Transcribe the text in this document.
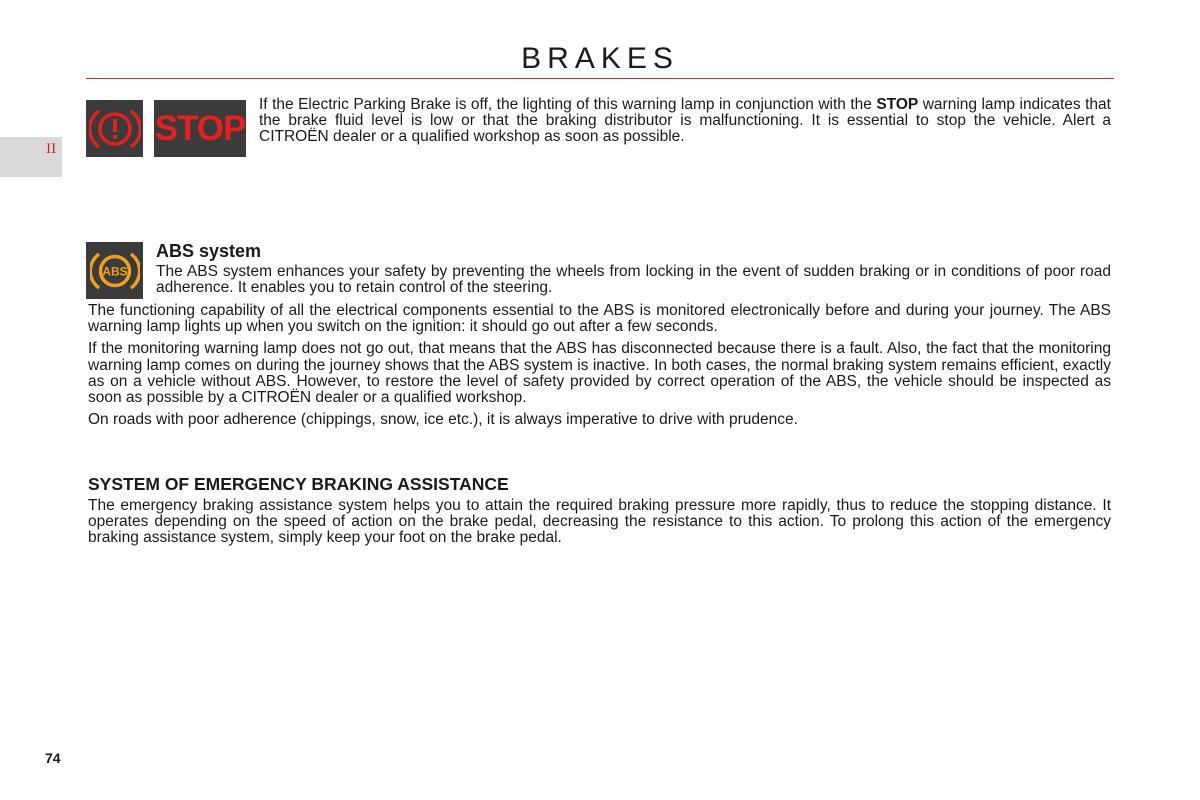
BRAKES
II
STOP

If the Electric Parking Brake is off, the lighting of this warning lamp in conjunction with the STOP warning lamp indicates that the brake fluid level is low or that the braking distributor is malfunctioning. It is essential to stop the vehicle. Alert a CITROËN dealer or a qualified workshop as soon as possible.

ABS
ABS system

The ABS system enhances your safety by preventing the wheels from locking in the event of sudden braking or in conditions of poor road adherence. It enables you to retain control of the steering.

The functioning capability of all the electrical components essential to the ABS is monitored electronically before and during your journey. The ABS warning lamp lights up when you switch on the ignition: it should go out after a few seconds.

If the monitoring warning lamp does not go out, that means that the ABS has disconnected because there is a fault. Also, the fact that the monitoring warning lamp comes on during the journey shows that the ABS system is inactive. In both cases, the normal braking system remains efficient, exactly as on a vehicle without ABS. However, to restore the level of safety provided by correct operation of the ABS, the vehicle should be inspected as soon as possible by a CITROËN dealer or a qualified workshop.

On roads with poor adherence (chippings, snow, ice etc.), it is always imperative to drive with prudence.

SYSTEM OF EMERGENCY BRAKING ASSISTANCE

The emergency braking assistance system helps you to attain the required braking pressure more rapidly, thus to reduce the stopping distance. It operates depending on the speed of action on the brake pedal, decreasing the resistance to this action. To prolong this action of the emergency braking assistance system, simply keep your foot on the brake pedal.

74
